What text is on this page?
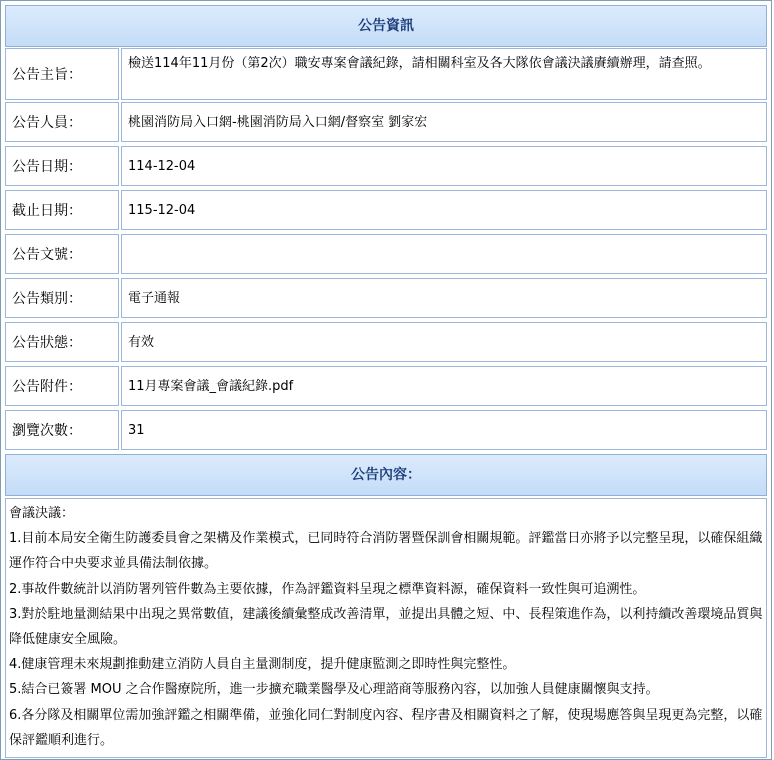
公告資訊
公告主旨：
檢送114年11月份（第2次）職安專案會議紀錄，請相關科室及各大隊依會議決議賡續辦理，請查照。
公告人員：	桃園消防局入口網-桃園消防局入口網/督察室 劉家宏
公告日期：	114-12-04
截止日期：	115-12-04
公告文號：
公告類別：	電子通報
公告狀態：	有效
公告附件：	11月專案會議_會議紀錄.pdf
瀏覽次數：	31
公告內容：

會議決議：

1.目前本局安全衛生防護委員會之架構及作業模式，已同時符合消防署暨保訓會相關規範。評鑑當日亦將予以完整呈現，以確保組織運作符合中央要求並具備法制依據。

2.事故件數統計以消防署列管件數為主要依據，作為評鑑資料呈現之標準資料源，確保資料一致性與可追溯性。

3.對於駐地量測結果中出現之異常數值，建議後續彙整成改善清單，並提出具體之短、中、長程策進作為，以利持續改善環境品質與降低健康安全風險。

4.健康管理未來規劃推動建立消防人員自主量測制度，提升健康監測之即時性與完整性。

5.結合已簽署 MOU 之合作醫療院所，進一步擴充職業醫學及心理諮商等服務內容，以加強人員健康關懷與支持。

6.各分隊及相關單位需加強評鑑之相關準備，並強化同仁對制度內容、程序書及相關資料之了解，使現場應答與呈現更為完整，以確保評鑑順利進行。
